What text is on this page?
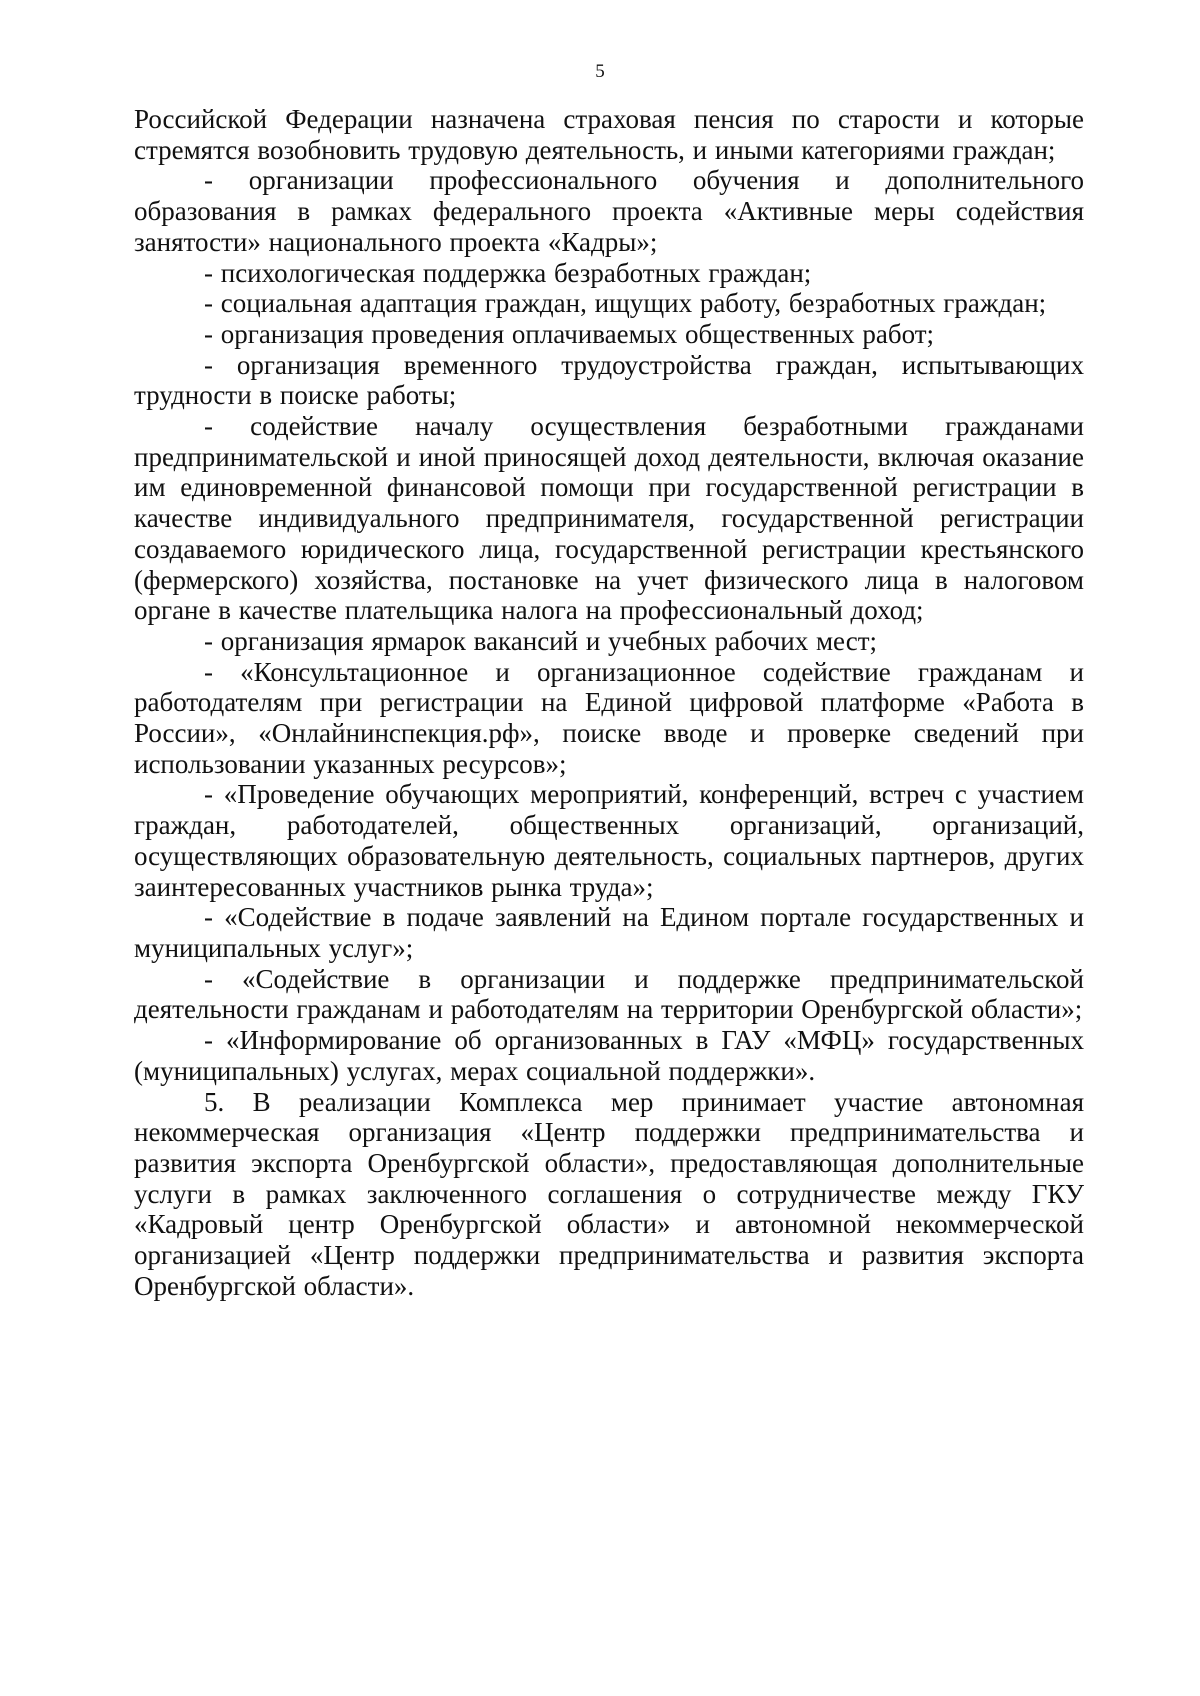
5

Российской Федерации назначена страховая пенсия по старости и которые стремятся возобновить трудовую деятельность, и иными категориями граждан;

- организации профессионального обучения и дополнительного образования в рамках федерального проекта «Активные меры содействия занятости» национального проекта «Кадры»;

- психологическая поддержка безработных граждан;

- социальная адаптация граждан, ищущих работу, безработных граждан;

- организация проведения оплачиваемых общественных работ;

- организация временного трудоустройства граждан, испытывающих трудности в поиске работы;

- содействие началу осуществления безработными гражданами предпринимательской и иной приносящей доход деятельности, включая оказание им единовременной финансовой помощи при государственной регистрации в качестве индивидуального предпринимателя, государственной регистрации создаваемого юридического лица, государственной регистрации крестьянского (фермерского) хозяйства, постановке на учет физического лица в налоговом органе в качестве плательщика налога на профессиональный доход;

- организация ярмарок вакансий и учебных рабочих мест;

- «Консультационное и организационное содействие гражданам и работодателям при регистрации на Единой цифровой платформе «Работа в России», «Онлайнинспекция.рф», поиске вводе и проверке сведений при использовании указанных ресурсов»;

- «Проведение обучающих мероприятий, конференций, встреч с участием граждан, работодателей, общественных организаций, организаций, осуществляющих образовательную деятельность, социальных партнеров, других заинтересованных участников рынка труда»;

- «Содействие в подаче заявлений на Едином портале государственных и муниципальных услуг»;

- «Содействие в организации и поддержке предпринимательской деятельности гражданам и работодателям на территории Оренбургской области»;

- «Информирование об организованных в ГАУ «МФЦ» государственных (муниципальных) услугах, мерах социальной поддержки».

5. В реализации Комплекса мер принимает участие автономная некоммерческая организация «Центр поддержки предпринимательства и развития экспорта Оренбургской области», предоставляющая дополнительные услуги в рамках заключенного соглашения о сотрудничестве между ГКУ «Кадровый центр Оренбургской области» и автономной некоммерческой организацией «Центр поддержки предпринимательства и развития экспорта Оренбургской области».
